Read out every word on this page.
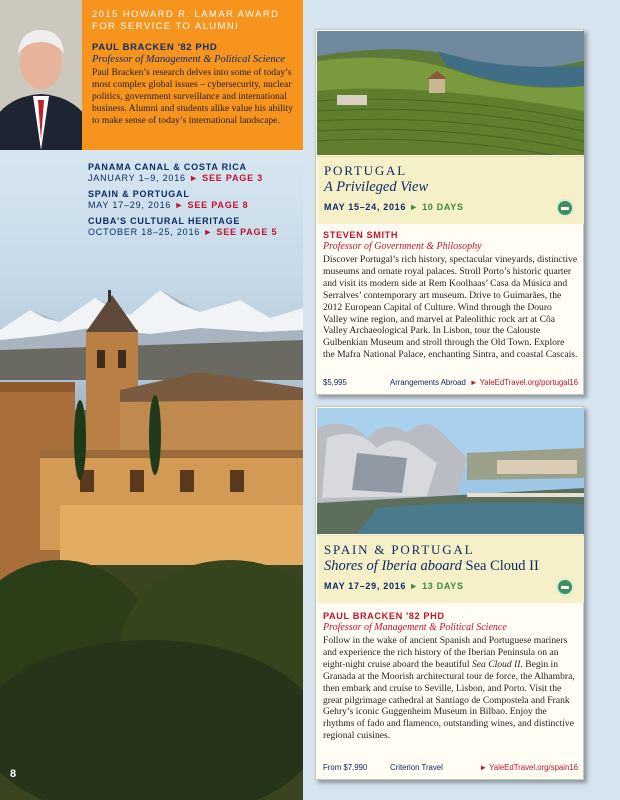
2015 HOWARD R. LAMAR AWARD
FOR SERVICE TO ALUMNI
PAUL BRACKEN '82 PHD
Professor of Management & Political Science
Paul Bracken’s research delves into some of today’s most complex global issues – cybersecurity, nuclear politics, government surveillance and international business. Alumni and students alike value his ability to make sense of today’s international landscape.
PANAMA CANAL & COSTA RICA
JANUARY 1–9, 2016 ► SEE PAGE 3
SPAIN & PORTUGAL
MAY 17–29, 2016 ► SEE PAGE 8
CUBA’S CULTURAL HERITAGE
OCTOBER 18–25, 2016 ► SEE PAGE 5
8
PORTUGAL
A Privileged View
MAY 15–24, 2016 ► 10 DAYS
STEVEN SMITH
Professor of Government & Philosophy
Discover Portugal’s rich history, spectacular vineyards, distinctive museums and ornate royal palaces. Stroll Porto’s historic quarter and visit its modern side at Rem Koolhaas’ Casa da Música and Serralves’ contemporary art museum. Drive to Guimarães, the 2012 European Capital of Culture. Wind through the Douro Valley wine region, and marvel at Paleolithic rock art at Côa Valley Archaeological Park. In Lisbon, tour the Calouste Gulbenkian Museum and stroll through the Old Town. Explore the Mafra National Palace, enchanting Sintra, and coastal Cascais.
$5,995	Arrangements Abroad ► YaleEdTravel.org/portugal16
SPAIN & PORTUGAL
Shores of Iberia aboard Sea Cloud II
MAY 17–29, 2016 ► 13 DAYS
PAUL BRACKEN '82 PHD
Professor of Management & Political Science
Follow in the wake of ancient Spanish and Portuguese mariners and experience the rich history of the Iberian Peninsula on an eight-night cruise aboard the beautiful Sea Cloud II. Begin in Granada at the Moorish architectural tour de force, the Alhambra, then embark and cruise to Seville, Lisbon, and Porto. Visit the great pilgrimage cathedral at Santiago de Compostela and Frank Gehry’s iconic Guggenheim Museum in Bilbao. Enjoy the rhythms of fado and flamenco, outstanding wines, and distinctive regional cuisines.
From $7,990	Criterion Travel	► YaleEdTravel.org/spain16
